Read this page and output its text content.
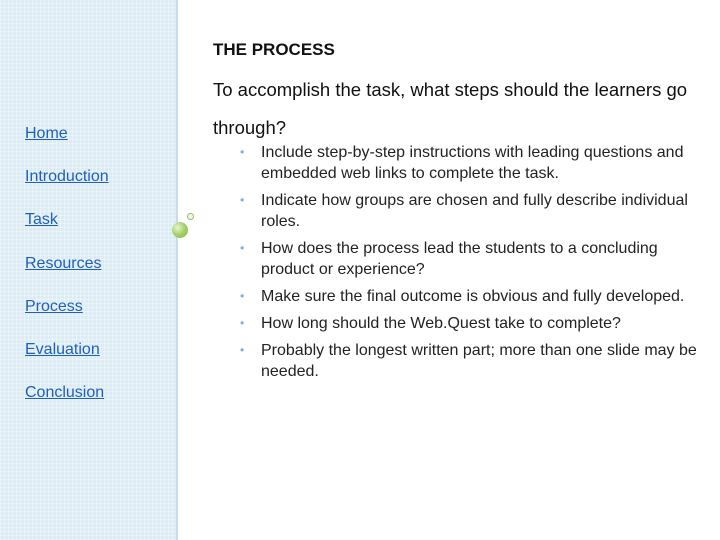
Home
Introduction
Task
Resources
Process
Evaluation
Conclusion
THE PROCESS
To accomplish the task, what steps should the learners go through?
• Include step-by-step instructions with leading questions and embedded web links to complete the task.
• Indicate how groups are chosen and fully describe individual roles.
• How does the process lead the students to a concluding product or experience?
• Make sure the final outcome is obvious and fully developed.
• How long should the Web.Quest take to complete?
• Probably the longest written part; more than one slide may be needed.
